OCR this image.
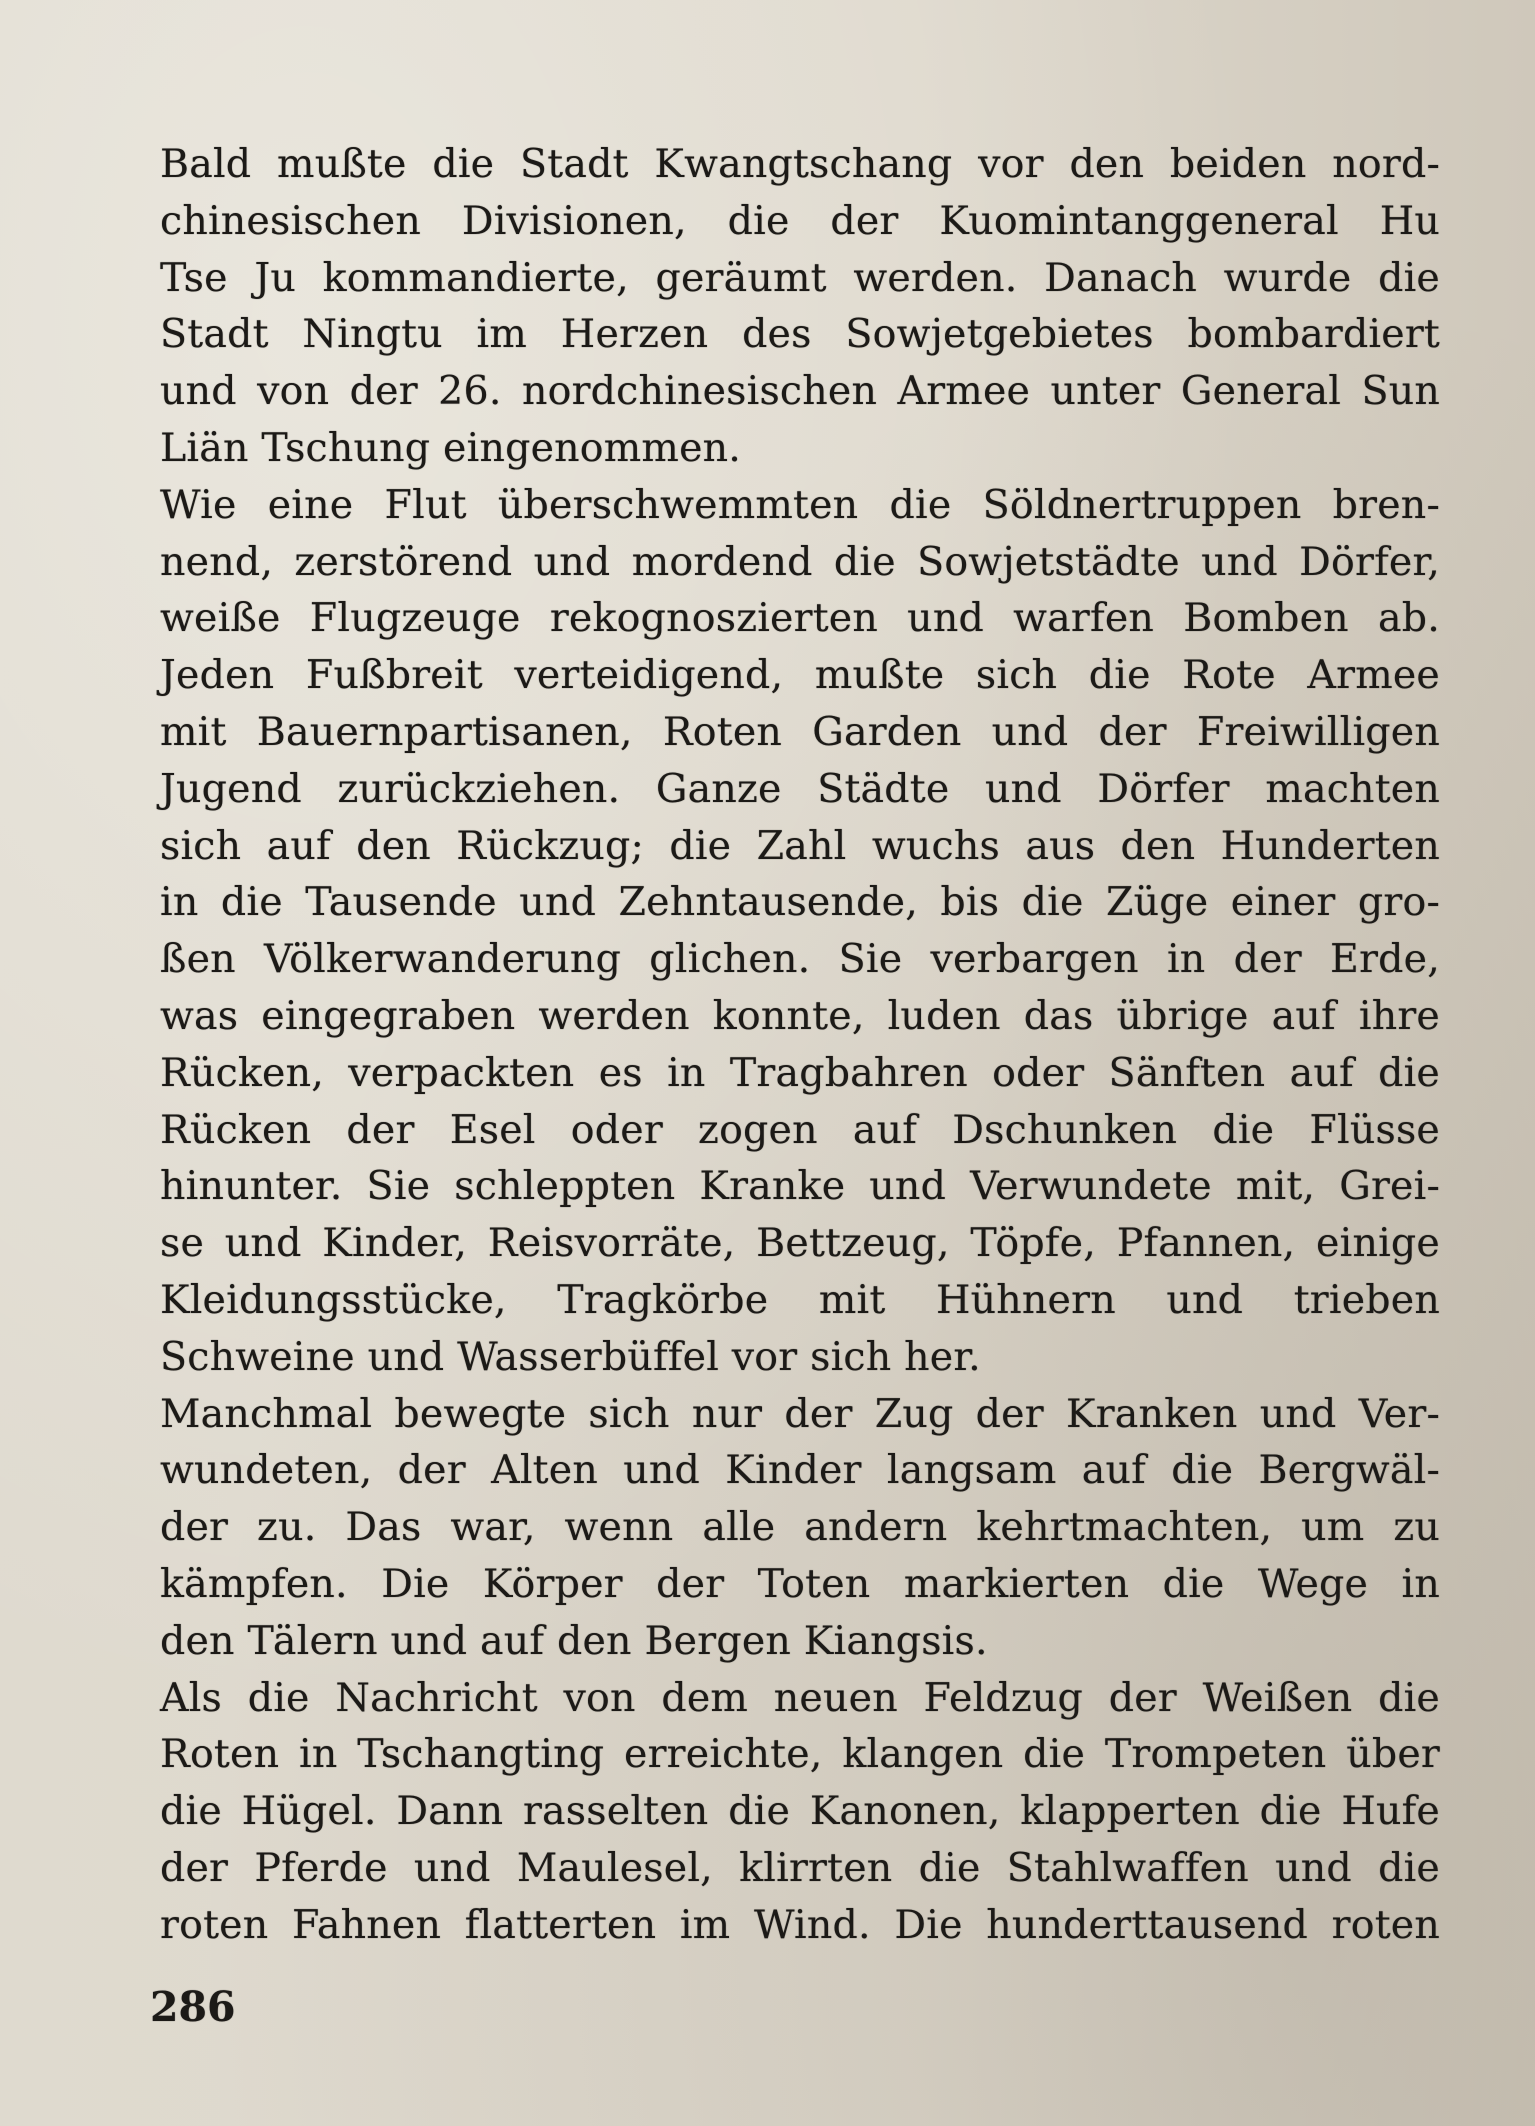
Bald mußte die Stadt Kwangtschang vor den beiden nord-
chinesischen Divisionen, die der Kuomintanggeneral Hu
Tse Ju kommandierte, geräumt werden. Danach wurde die
Stadt Ningtu im Herzen des Sowjetgebietes bombardiert
und von der 26. nordchinesischen Armee unter General Sun
Liän Tschung eingenommen.
Wie eine Flut überschwemmten die Söldnertruppen bren-
nend, zerstörend und mordend die Sowjetstädte und Dörfer,
weiße Flugzeuge rekognoszierten und warfen Bomben ab.
Jeden Fußbreit verteidigend, mußte sich die Rote Armee
mit Bauernpartisanen, Roten Garden und der Freiwilligen
Jugend zurückziehen. Ganze Städte und Dörfer machten
sich auf den Rückzug; die Zahl wuchs aus den Hunderten
in die Tausende und Zehntausende, bis die Züge einer gro-
ßen Völkerwanderung glichen. Sie verbargen in der Erde,
was eingegraben werden konnte, luden das übrige auf ihre
Rücken, verpackten es in Tragbahren oder Sänften auf die
Rücken der Esel oder zogen auf Dschunken die Flüsse
hinunter. Sie schleppten Kranke und Verwundete mit, Grei-
se und Kinder, Reisvorräte, Bettzeug, Töpfe, Pfannen, einige
Kleidungsstücke, Tragkörbe mit Hühnern und trieben
Schweine und Wasserbüffel vor sich her.
Manchmal bewegte sich nur der Zug der Kranken und Ver-
wundeten, der Alten und Kinder langsam auf die Bergwäl-
der zu. Das war, wenn alle andern kehrtmachten, um zu
kämpfen. Die Körper der Toten markierten die Wege in
den Tälern und auf den Bergen Kiangsis.
Als die Nachricht von dem neuen Feldzug der Weißen die
Roten in Tschangting erreichte, klangen die Trompeten über
die Hügel. Dann rasselten die Kanonen, klapperten die Hufe
der Pferde und Maulesel, klirrten die Stahlwaffen und die
roten Fahnen flatterten im Wind. Die hunderttausend roten
286
